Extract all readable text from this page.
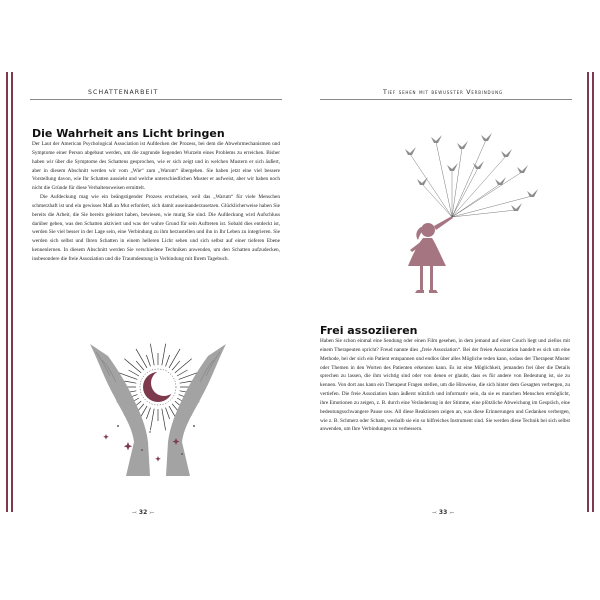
SCHATTENARBEIT
Die Wahrheit ans Licht bringen

Der Laut der American Psychological Association ist Aufdecken der Prozess, bei dem die Abwehrmechanismen und Symptome einer Person abgebaut werden, um die zugrunde liegenden Wurzeln eines Problems zu erreichen. Bisher haben wir über die Symptome des Schattens gesprochen, wie er sich zeigt und in welchen Mustern er sich äußert, aber in diesem Abschnitt werden wir vom „Wie“ zum „Warum“ übergehen. Sie haben jetzt eine viel bessere Vorstellung davon, wie Ihr Schatten aussieht und welche unterschiedlichen Muster er aufweist, aber wir haben noch nicht die Gründe für diese Verhaltensweisen ermittelt.

Die Aufdeckung mag wie ein beängstigender Prozess erscheinen, weil das „Warum“ für viele Menschen schmerzhaft ist und ein gewisses Maß an Mut erfordert, sich damit auseinanderzusetzen. Glücklicherweise haben Sie bereits die Arbeit, die Sie bereits geleistet haben, bewiesen, wie mutig Sie sind. Die Aufdeckung wird Aufschluss darüber geben, was den Schatten aktiviert und was der wahre Grund für sein Auftreten ist. Sobald dies entdeckt ist, werden Sie viel besser in der Lage sein, eine Verbindung zu ihm herzustellen und ihn in Ihr Leben zu integrieren. Sie werden sich selbst und Ihren Schatten in einem helleren Licht sehen und sich selbst auf einer tieferen Ebene kennenlernen. In diesem Abschnitt werden Sie verschiedene Techniken anwenden, um den Schatten aufzudecken, insbesondere die freie Assoziation und die Traumdeutung in Verbindung mit Ihrem Tagebuch.

⤙ 32 ⤚
Tief sehen mit bewusster Verbindung
Frei assoziieren

Haben Sie schon einmal eine Sendung oder einen Film gesehen, in dem jemand auf einer Couch liegt und ziellos mit einem Therapeuten spricht? Freud nannte dies „freie Assoziation“. Bei der freien Assoziation handelt es sich um eine Methode, bei der sich ein Patient entspannen und endlos über alles Mögliche reden kann, sodass der Therapeut Muster oder Themen in den Worten des Patienten erkennen kann. Es ist eine Möglichkeit, jemanden frei über die Details sprechen zu lassen, die ihm wichtig sind oder von denen er glaubt, dass es für andere von Bedeutung ist, sie zu kennen. Von dort aus kann ein Therapeut Fragen stellen, um die Hinweise, die sich hinter dem Gesagten verbergen, zu vertiefen. Die freie Assoziation kann äußerst nützlich und informativ sein, da sie es manchen Menschen ermöglicht, ihre Emotionen zu zeigen, z. B. durch eine Veränderung in der Stimme, eine plötzliche Abweichung im Gespräch, eine bedeutungsschwangere Pause usw. All diese Reaktionen zeigen an, was diese Erinnerungen und Gedanken verbergen, wie z. B. Schmerz oder Scham, weshalb sie ein so hilfreiches Instrument sind. Sie werden diese Technik bei sich selbst anwenden, um Ihre Verbindungen zu verbessern.

⤙ 33 ⤚
